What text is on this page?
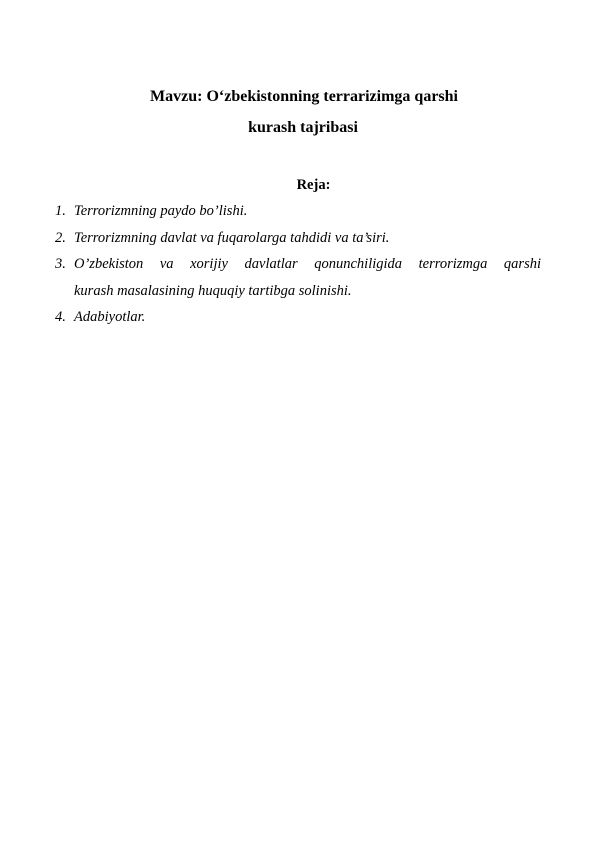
Mavzu: O‘zbekistonning terrarizimga qarshi
kurash tajribasi
Reja:
1. Terrorizmning paydo bo’lishi.
2. Terrorizmning davlat va fuqarolarga tahdidi va ta’siri.
3. O’zbekiston va xorijiy davlatlar qonunchiligida terrorizmga qarshi
kurash masalasining huquqiy tartibga solinishi.
4. Adabiyotlar.
